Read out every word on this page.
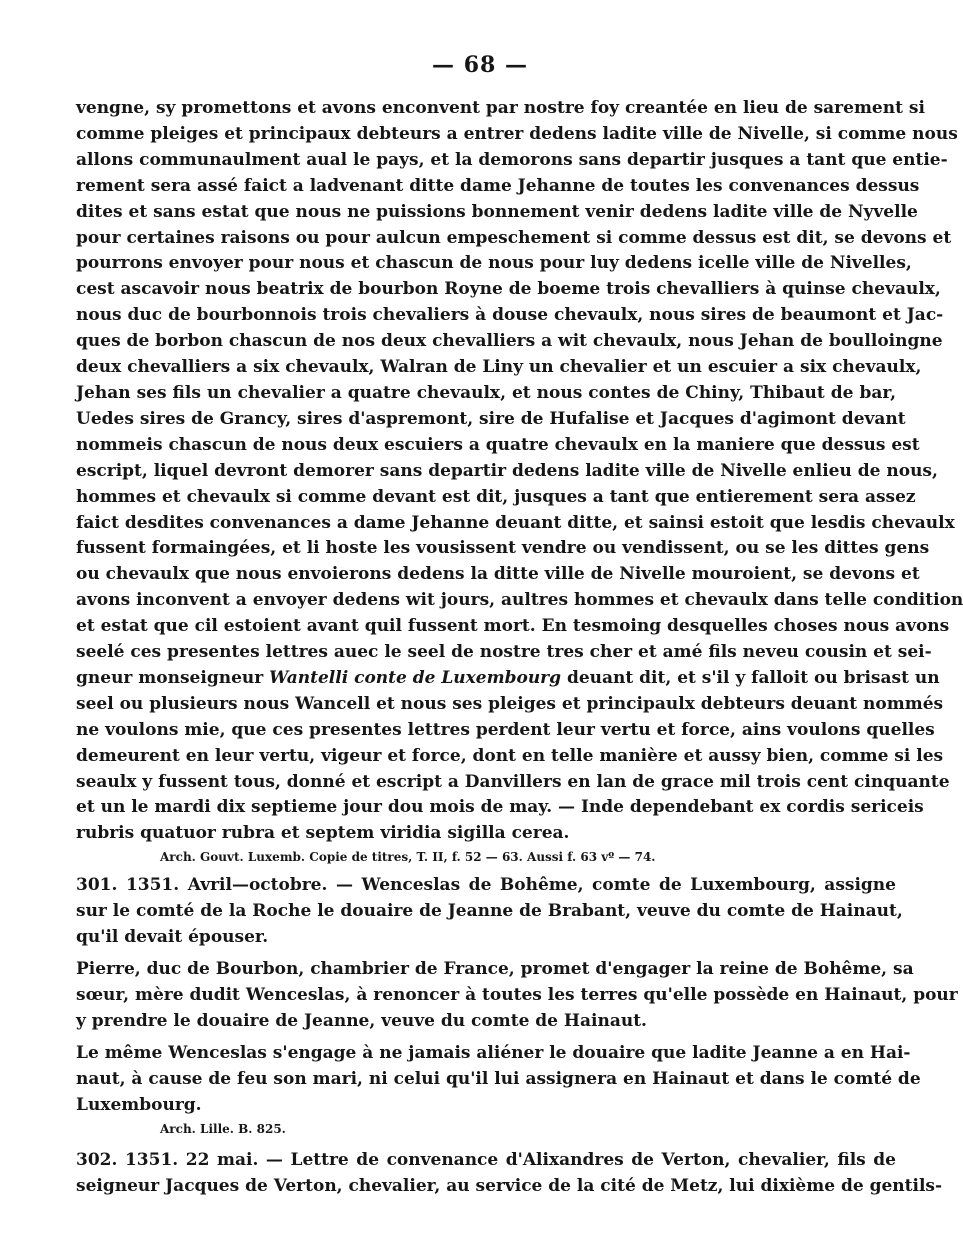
— 68 —
vengne, sy promettons et avons enconvent par nostre foy creantée en lieu de sarement si
comme pleiges et principaux debteurs a entrer dedens ladite ville de Nivelle, si comme nous
allons communaulment aual le pays, et la demorons sans departir jusques a tant que entie-
rement sera assé faict a ladvenant ditte dame Jehanne de toutes les convenances dessus
dites et sans estat que nous ne puissions bonnement venir dedens ladite ville de Nyvelle
pour certaines raisons ou pour aulcun empeschement si comme dessus est dit, se devons et
pourrons envoyer pour nous et chascun de nous pour luy dedens icelle ville de Nivelles,
cest ascavoir nous beatrix de bourbon Royne de boeme trois chevalliers à quinse chevaulx,
nous duc de bourbonnois trois chevaliers à douse chevaulx, nous sires de beaumont et Jac-
ques de borbon chascun de nos deux chevalliers a wit chevaulx, nous Jehan de boulloingne
deux chevalliers a six chevaulx, Walran de Liny un chevalier et un escuier a six chevaulx,
Jehan ses fils un chevalier a quatre chevaulx, et nous contes de Chiny, Thibaut de bar,
Uedes sires de Grancy, sires d'aspremont, sire de Hufalise et Jacques d'agimont devant
nommeis chascun de nous deux escuiers a quatre chevaulx en la maniere que dessus est
escript, liquel devront demorer sans departir dedens ladite ville de Nivelle enlieu de nous,
hommes et chevaulx si comme devant est dit, jusques a tant que entierement sera assez
faict desdites convenances a dame Jehanne deuant ditte, et sainsi estoit que lesdis chevaulx
fussent formaingées, et li hoste les vousissent vendre ou vendissent, ou se les dittes gens
ou chevaulx que nous envoierons dedens la ditte ville de Nivelle mouroient, se devons et
avons inconvent a envoyer dedens wit jours, aultres hommes et chevaulx dans telle condition
et estat que cil estoient avant quil fussent mort. En tesmoing desquelles choses nous avons
seelé ces presentes lettres auec le seel de nostre tres cher et amé fils neveu cousin et sei-
gneur monseigneur Wantelli conte de Luxembourg deuant dit, et s'il y falloit ou brisast un
seel ou plusieurs nous Wancell et nous ses pleiges et principaulx debteurs deuant nommés
ne voulons mie, que ces presentes lettres perdent leur vertu et force, ains voulons quelles
demeurent en leur vertu, vigeur et force, dont en telle manière et aussy bien, comme si les
seaulx y fussent tous, donné et escript a Danvillers en lan de grace mil trois cent cinquante
et un le mardi dix septieme jour dou mois de may. — Inde dependebant ex cordis sericeis
rubris quatuor rubra et septem viridia sigilla cerea.
Arch. Gouvt. Luxemb. Copie de titres, T. II, f. 52 — 63. Aussi f. 63 vº — 74.
301. 1351. Avril—octobre. — Wenceslas de Bohême, comte de Luxembourg, assigne
sur le comté de la Roche le douaire de Jeanne de Brabant, veuve du comte de Hainaut,
qu'il devait épouser.
Pierre, duc de Bourbon, chambrier de France, promet d'engager la reine de Bohême, sa
sœur, mère dudit Wenceslas, à renoncer à toutes les terres qu'elle possède en Hainaut, pour
y prendre le douaire de Jeanne, veuve du comte de Hainaut.
Le même Wenceslas s'engage à ne jamais aliéner le douaire que ladite Jeanne a en Hai-
naut, à cause de feu son mari, ni celui qu'il lui assignera en Hainaut et dans le comté de
Luxembourg.
Arch. Lille. B. 825.
302. 1351. 22 mai. — Lettre de convenance d'Alixandres de Verton, chevalier, fils de
seigneur Jacques de Verton, chevalier, au service de la cité de Metz, lui dixième de gentils-
